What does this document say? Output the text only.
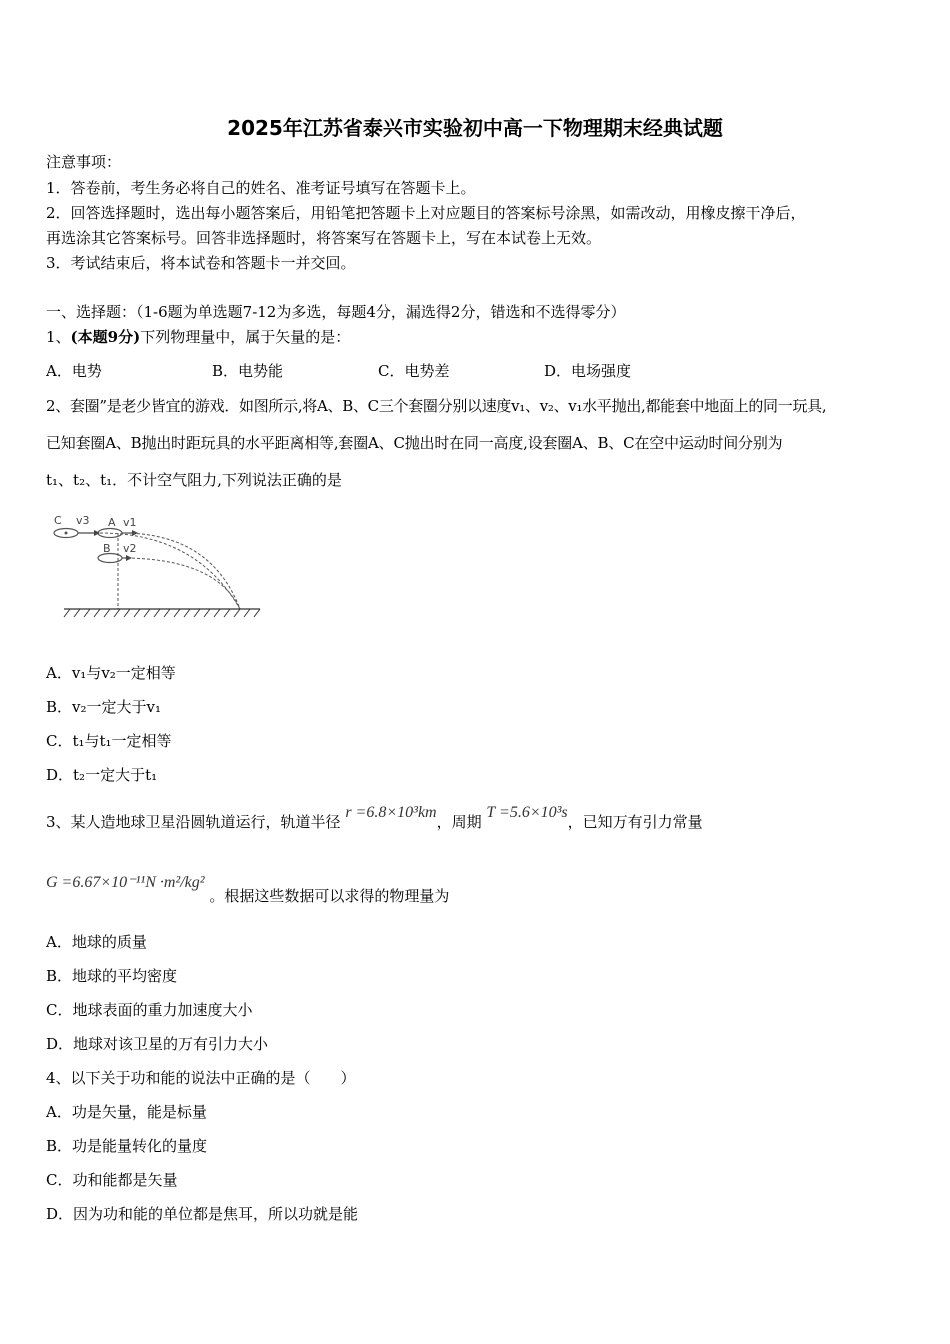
2025年江苏省泰兴市实验初中高一下物理期末经典试题
注意事项：
1．答卷前，考生务必将自己的姓名、准考证号填写在答题卡上。
2．回答选择题时，选出每小题答案后，用铅笔把答题卡上对应题目的答案标号涂黑，如需改动，用橡皮擦干净后，
再选涂其它答案标号。回答非选择题时，将答案写在答题卡上，写在本试卷上无效。
3．考试结束后，将本试卷和答题卡一并交回。
一、选择题：（1-6题为单选题7-12为多选，每题4分，漏选得2分，错选和不选得零分）
1、(本题9分)下列物理量中，属于矢量的是：
A．电势	B．电势能	C．电势差	D．电场强度
2、套圈”是老少皆宜的游戏．如图所示,将A、B、C三个套圈分别以速度v₁、v₂、v₁水平抛出,都能套中地面上的同一玩具,
已知套圈A、B抛出时距玩具的水平距离相等,套圈A、C抛出时在同一高度,设套圈A、B、C在空中运动时间分别为
t₁、t₂、t₁．不计空气阻力,下列说法正确的是
C v3 A v1
B v2
A．v₁与v₂一定相等
B．v₂一定大于v₁
C．t₁与t₁一定相等
D．t₂一定大于t₁
3、某人造地球卫星沿圆轨道运行，轨道半径 r =6.8×10³km，周期 T =5.6×10³s，已知万有引力常量
G =6.67×10⁻¹¹N ·m²/kg² 。根据这些数据可以求得的物理量为
A．地球的质量
B．地球的平均密度
C．地球表面的重力加速度大小
D．地球对该卫星的万有引力大小
4、以下关于功和能的说法中正确的是（　　）
A．功是矢量，能是标量
B．功是能量转化的量度
C．功和能都是矢量
D．因为功和能的单位都是焦耳，所以功就是能
